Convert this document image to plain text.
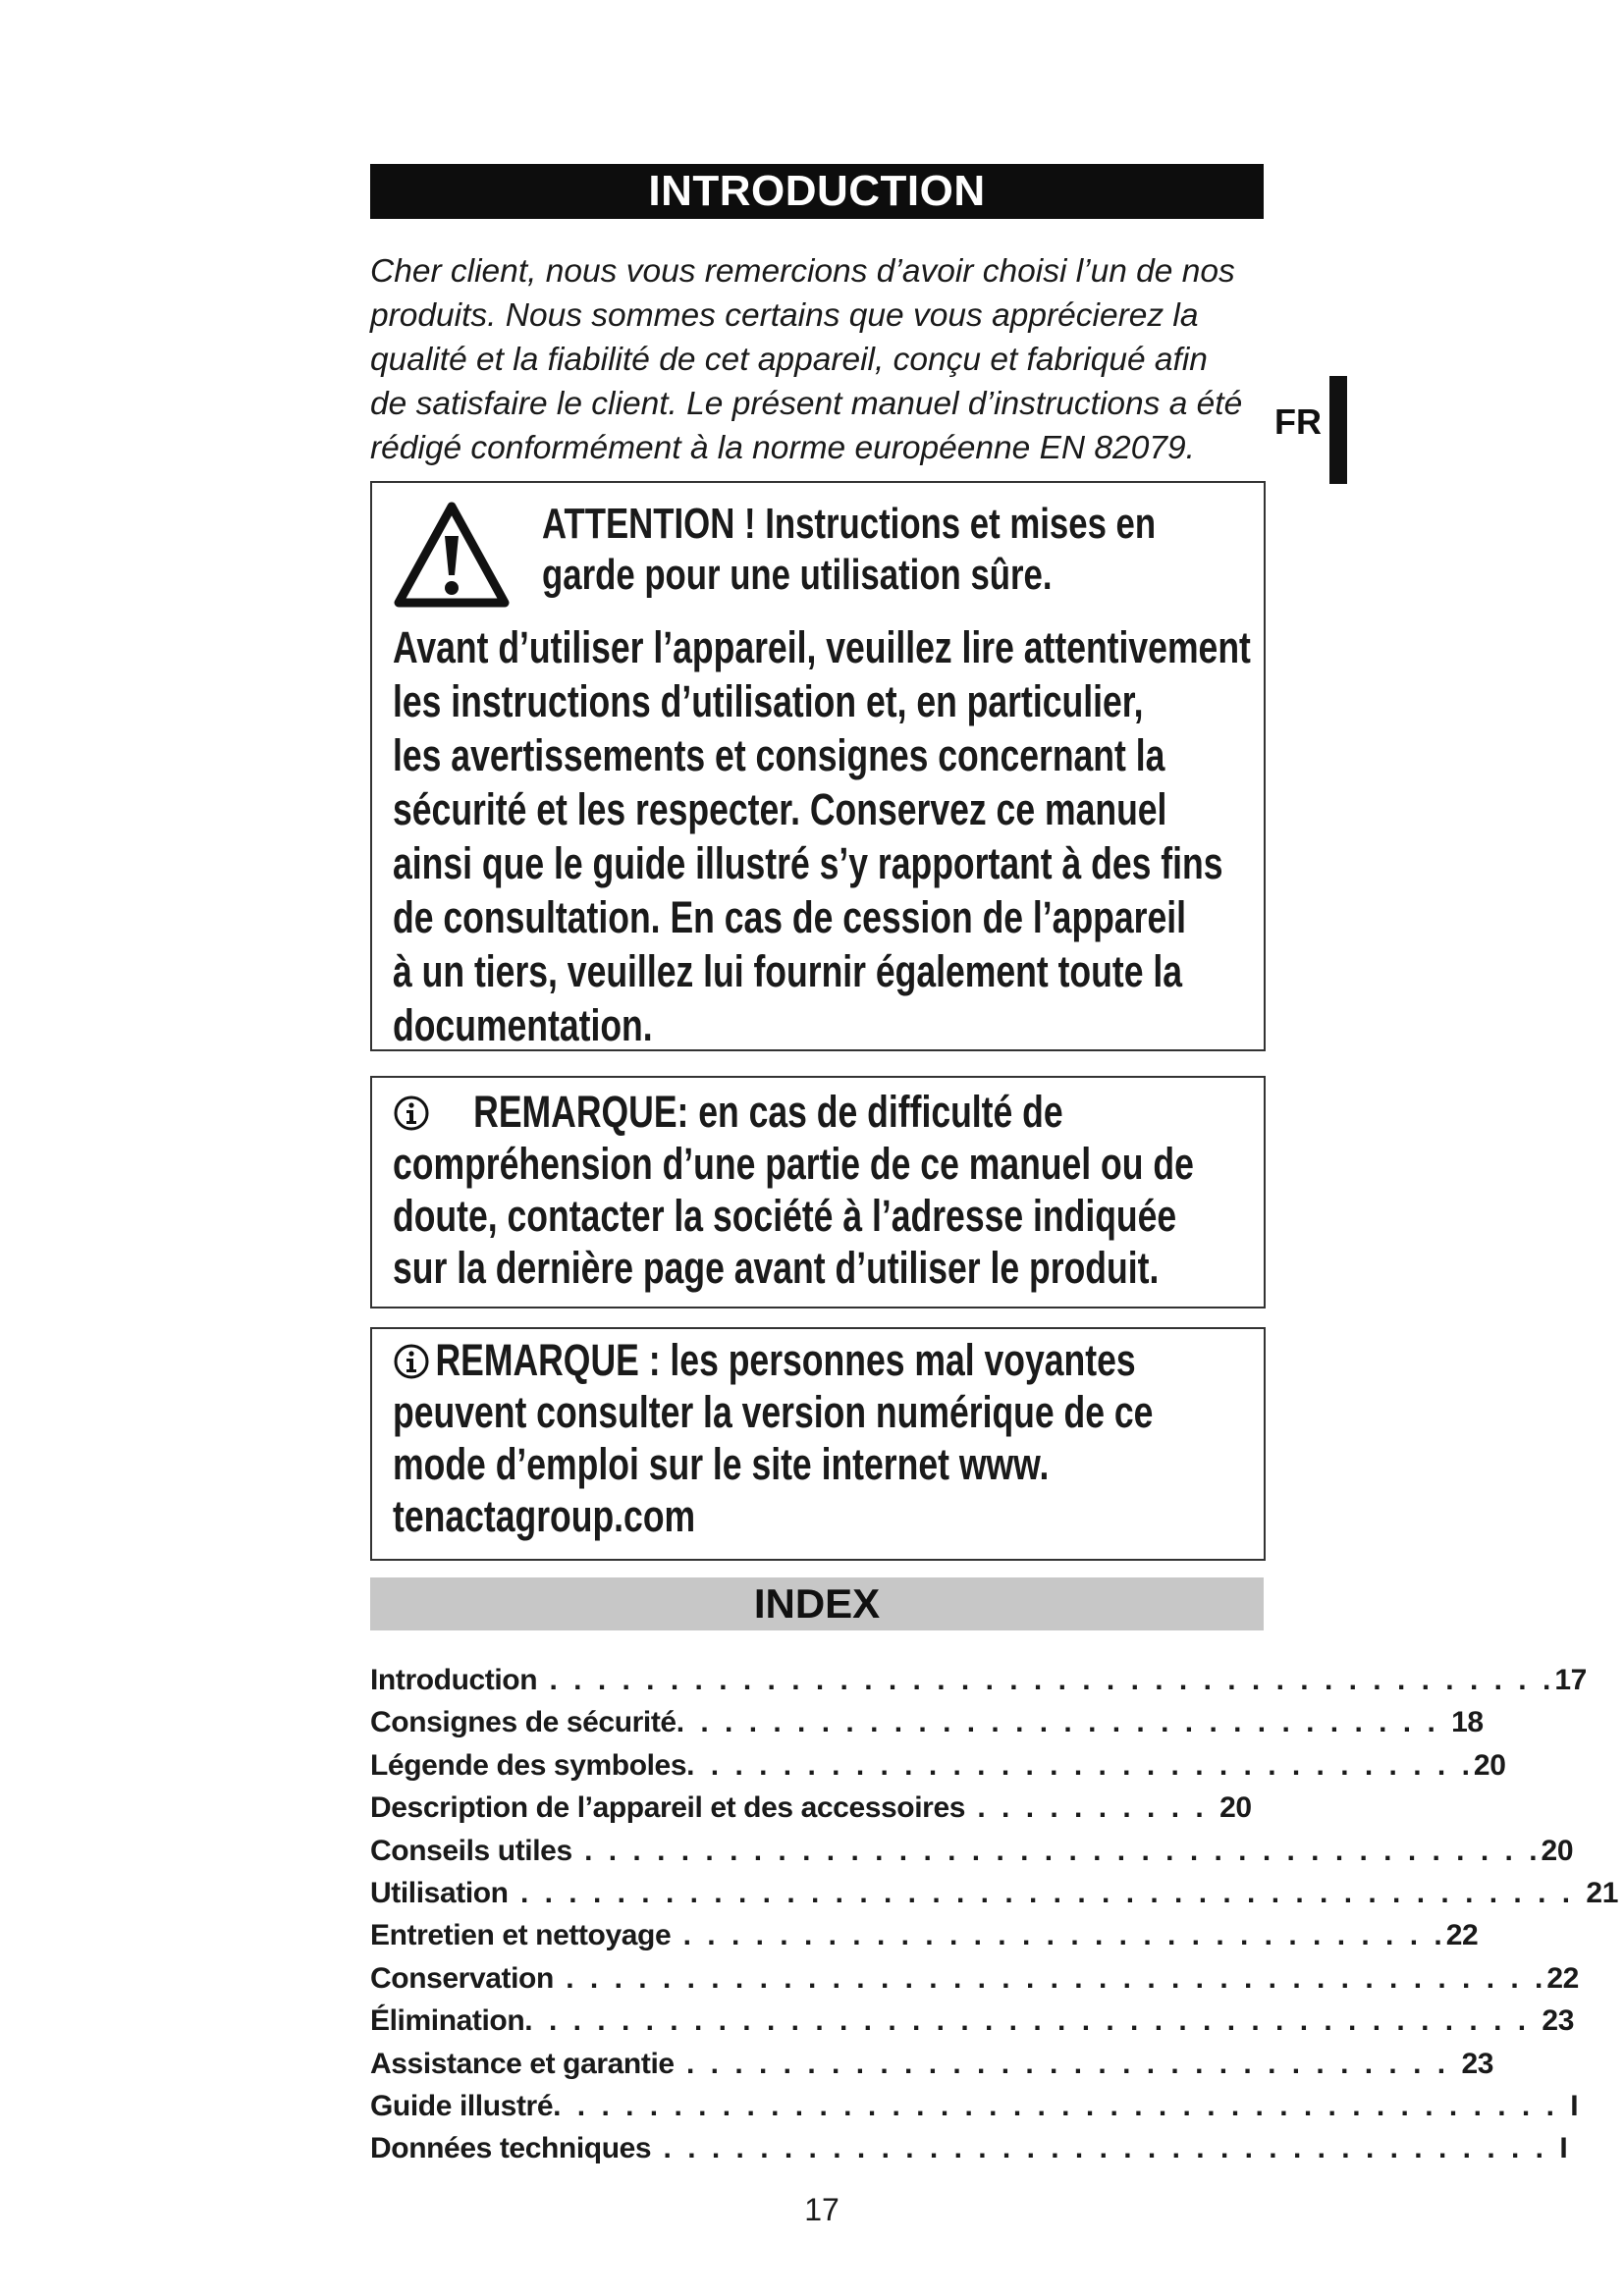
INTRODUCTION
Cher client, nous vous remercions d’avoir choisi l’un de nos
produits. Nous sommes certains que vous apprécierez la
qualité et la fiabilité de cet appareil, conçu et fabriqué afin
de satisfaire le client. Le présent manuel d’instructions a été
rédigé conformément à la norme européenne EN 82079.
FR
ATTENTION ! Instructions et mises en
garde pour une utilisation sûre.
Avant d’utiliser l’appareil, veuillez lire attentivement
les instructions d’utilisation et, en particulier,
les avertissements et consignes concernant la
sécurité et les respecter. Conservez ce manuel
ainsi que le guide illustré s’y rapportant à des fins
de consultation. En cas de cession de l’appareil
à un tiers, veuillez lui fournir également toute la
documentation.
REMARQUE: en cas de difficulté de
compréhension d’une partie de ce manuel ou de
doute, contacter la société à l’adresse indiquée
sur la dernière page avant d’utiliser le produit.
REMARQUE : les personnes mal voyantes
peuvent consulter la version numérique de ce
mode d’emploi sur le site internet www.
tenactagroup.com
INDEX
Introduction . . . . . . . . . . . . . . . . . . . . . . . . . . . . . . . . . . . . . . . . . .17
Consignes de sécurité. . . . . . . . . . . . . . . . . . . . . . . . . . . . . . . . 18
Légende des symboles. . . . . . . . . . . . . . . . . . . . . . . . . . . . . . . . .20
Description de l’appareil et des accessoires . . . . . . . . . . 20
Conseils utiles . . . . . . . . . . . . . . . . . . . . . . . . . . . . . . . . . . . . . . . .20
Utilisation . . . . . . . . . . . . . . . . . . . . . . . . . . . . . . . . . . . . . . . . . . . . 21
Entretien et nettoyage . . . . . . . . . . . . . . . . . . . . . . . . . . . . . . . .22
Conservation . . . . . . . . . . . . . . . . . . . . . . . . . . . . . . . . . . . . . . . . .22
Élimination. . . . . . . . . . . . . . . . . . . . . . . . . . . . . . . . . . . . . . . . . . 23
Assistance et garantie . . . . . . . . . . . . . . . . . . . . . . . . . . . . . . . . 23
Guide illustré. . . . . . . . . . . . . . . . . . . . . . . . . . . . . . . . . . . . . . . . . . I
Données techniques . . . . . . . . . . . . . . . . . . . . . . . . . . . . . . . . . . . . . I
17
